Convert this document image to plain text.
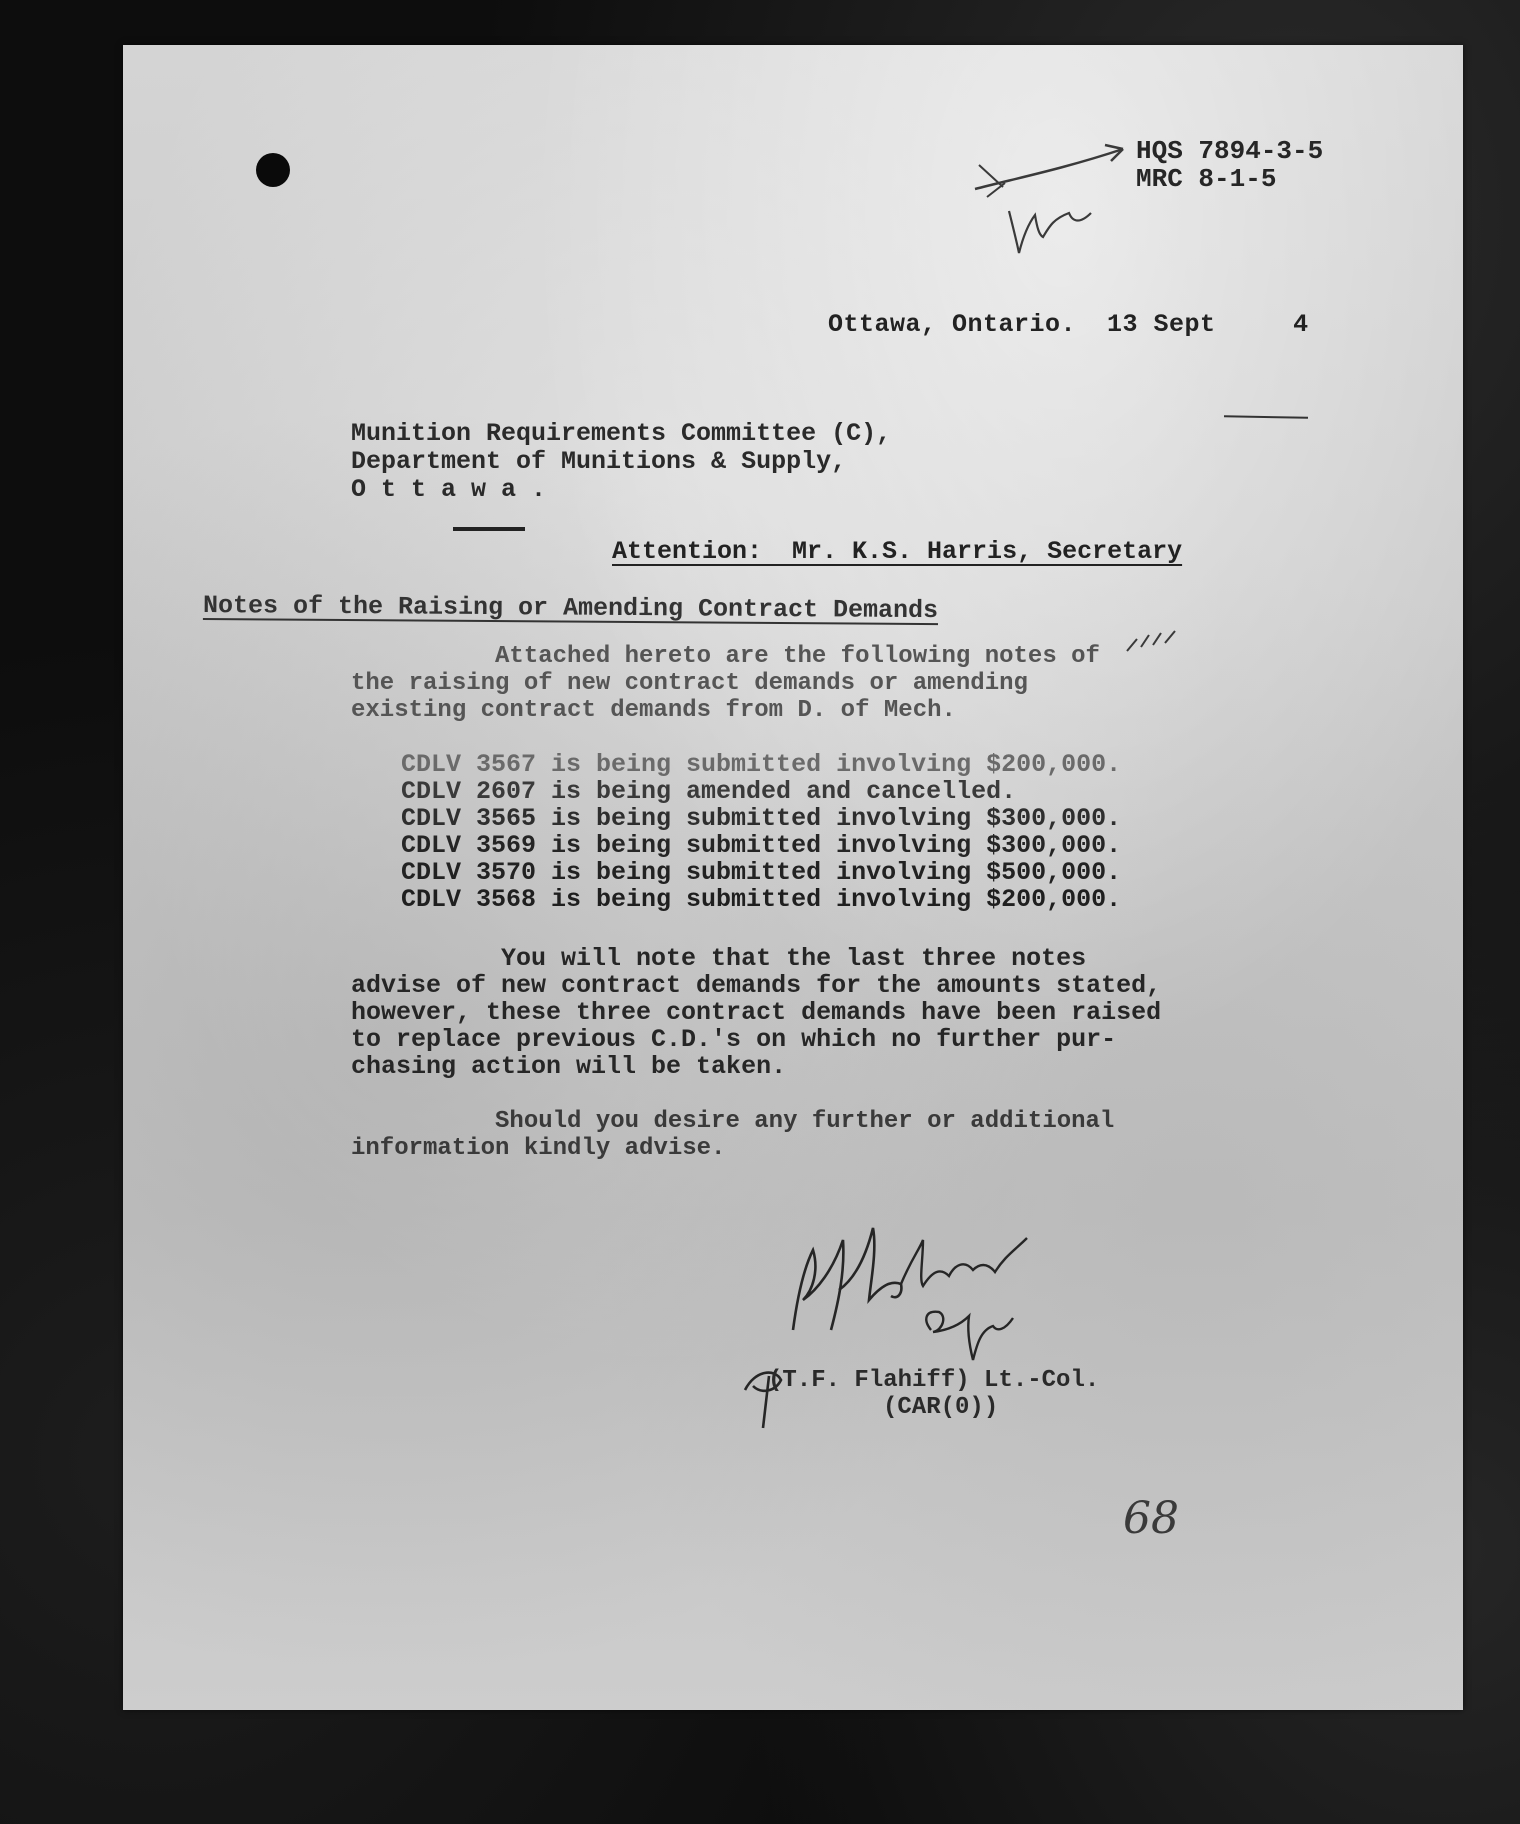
HQS 7894-3-5
MRC 8-1-5
Ottawa, Ontario.  13 Sept     4
Munition Requirements Committee (C),
Department of Munitions & Supply,
O t t a w a .
Attention:  Mr. K.S. Harris, Secretary
Notes of the Raising or Amending Contract Demands
Attached hereto are the following notes of
the raising of new contract demands or amending
existing contract demands from D. of Mech.
CDLV 3567 is being submitted involving $200,000.
CDLV 2607 is being amended and cancelled.
CDLV 3565 is being submitted involving $300,000.
CDLV 3569 is being submitted involving $300,000.
CDLV 3570 is being submitted involving $500,000.
CDLV 3568 is being submitted involving $200,000.
You will note that the last three notes
advise of new contract demands for the amounts stated,
however, these three contract demands have been raised
to replace previous C.D.'s on which no further pur-
chasing action will be taken.
Should you desire any further or additional
information kindly advise.
(T.F. Flahiff) Lt.-Col.
(CAR(0))
68
